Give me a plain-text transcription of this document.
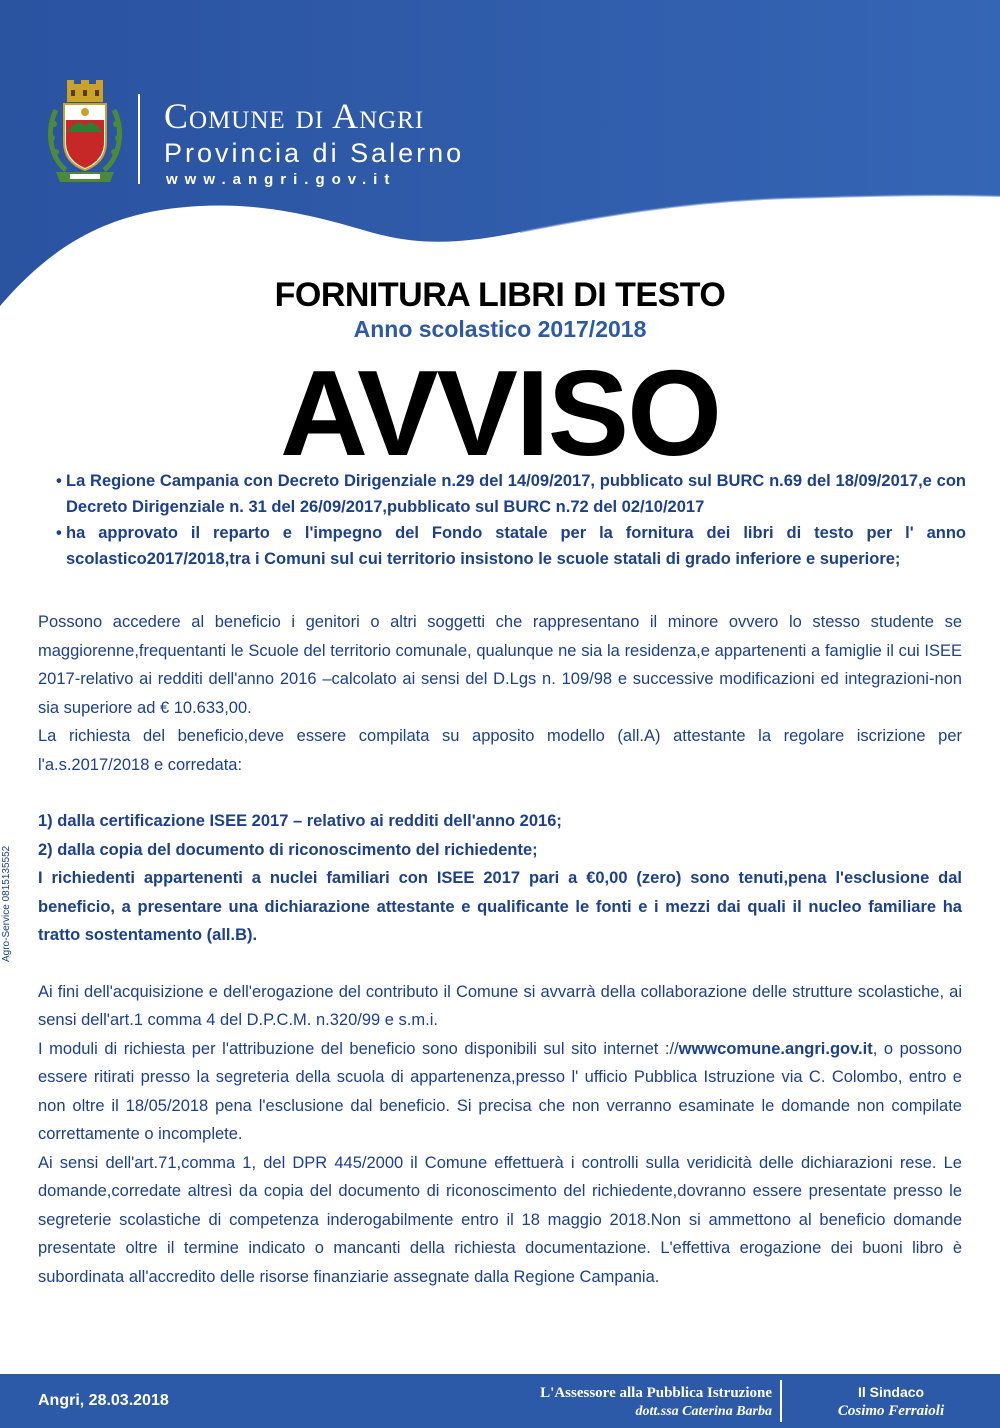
Comune di Angri
Provincia di Salerno
www.angri.gov.it
FORNITURA LIBRI DI TESTO
Anno scolastico 2017/2018
AVVISO
• La Regione Campania con Decreto Dirigenziale n.29 del 14/09/2017, pubblicato sul BURC n.69 del 18/09/2017,e con Decreto Dirigenziale n. 31 del 26/09/2017,pubblicato sul BURC n.72 del 02/10/2017
• ha approvato il reparto e l'impegno del Fondo statale per la fornitura dei libri di testo per l' anno scolastico2017/2018,tra i Comuni sul cui territorio insistono le scuole statali di grado inferiore e superiore;

Possono accedere al beneficio i genitori o altri soggetti che rappresentano il minore ovvero lo stesso studente se maggiorenne,frequentanti le Scuole del territorio comunale, qualunque ne sia la residenza,e appartenenti a famiglie il cui ISEE 2017-relativo ai redditi dell'anno 2016 –calcolato ai sensi del D.Lgs n. 109/98 e successive modificazioni ed integrazioni-non sia superiore ad € 10.633,00.

La richiesta del beneficio,deve essere compilata su apposito modello (all.A) attestante la regolare iscrizione per l'a.s.2017/2018 e corredata:

1) dalla certificazione ISEE 2017 – relativo ai redditi dell'anno 2016;

2) dalla copia del documento di riconoscimento del richiedente;

I richiedenti appartenenti a nuclei familiari con ISEE 2017 pari a €0,00 (zero) sono tenuti,pena l'esclusione dal beneficio, a presentare una dichiarazione attestante e qualificante le fonti e i mezzi dai quali il nucleo familiare ha tratto sostentamento (all.B).

Ai fini dell'acquisizione e dell'erogazione del contributo il Comune si avvarrà della collaborazione delle strutture scolastiche, ai sensi dell'art.1 comma 4 del D.P.C.M. n.320/99 e s.m.i.

I moduli di richiesta per l'attribuzione del beneficio sono disponibili sul sito internet ://wwwcomune.angri.gov.it, o possono essere ritirati presso la segreteria della scuola di appartenenza,presso l' ufficio Pubblica Istruzione via C. Colombo, entro e non oltre il 18/05/2018 pena l'esclusione dal beneficio. Si precisa che non verranno esaminate le domande non compilate correttamente o incomplete.

Ai sensi dell'art.71,comma 1, del DPR 445/2000 il Comune effettuerà i controlli sulla veridicità delle dichiarazioni rese. Le domande,corredate altresì da copia del documento di riconoscimento del richiedente,dovranno essere presentate presso le segreterie scolastiche di competenza inderogabilmente entro il 18 maggio 2018.Non si ammettono al beneficio domande presentate oltre il termine indicato o mancanti della richiesta documentazione. L'effettiva erogazione dei buoni libro è subordinata all'accredito delle risorse finanziarie assegnate dalla Regione Campania.

Agro-Service 0815135552
Angri, 28.03.2018	L'Assessore alla Pubblica Istruzione
dott.ssa Caterina Barba
Il Sindaco
Cosimo Ferraioli
